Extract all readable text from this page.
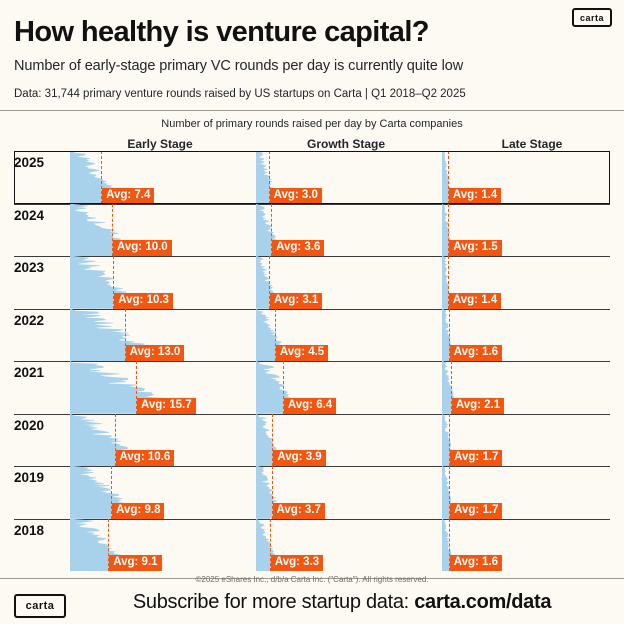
carta
How healthy is venture capital?
Number of early-stage primary VC rounds per day is currently quite low
Data: 31,744 primary venture rounds raised by US startups on Carta | Q1 2018–Q2 2025
Number of primary rounds raised per day by Carta companies
Early Stage	Growth Stage	Late Stage
2025
Avg: 7.4	Avg: 3.0	Avg: 1.4
2024
Avg: 10.0	Avg: 3.6	Avg: 1.5
2023
Avg: 10.3	Avg: 3.1	Avg: 1.4
2022
Avg: 13.0	Avg: 4.5	Avg: 1.6
2021
Avg: 15.7	Avg: 6.4	Avg: 2.1
2020
Avg: 10.6	Avg: 3.9	Avg: 1.7
2019
Avg: 9.8	Avg: 3.7	Avg: 1.7
2018
Avg: 9.1	Avg: 3.3	Avg: 1.6
©2025 eShares Inc., d/b/a Carta Inc. ("Carta"). All rights reserved.
carta	Subscribe for more startup data: carta.com/data
